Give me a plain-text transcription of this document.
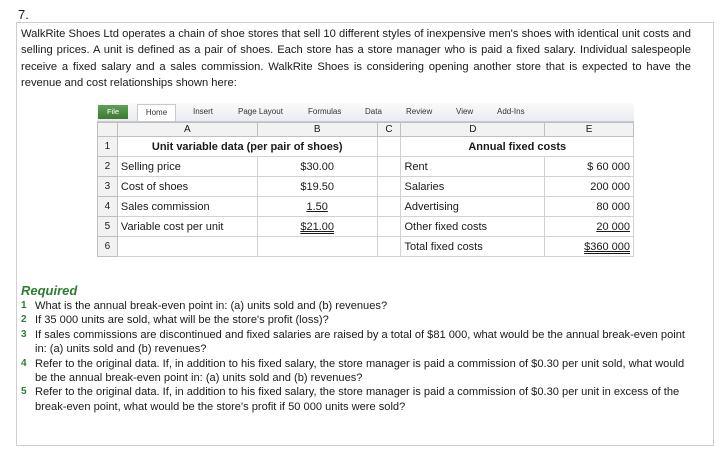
7.
WalkRite Shoes Ltd operates a chain of shoe stores that sell 10 different styles of inexpensive men's shoes with identical unit costs and selling prices. A unit is defined as a pair of shoes. Each store has a store manager who is paid a fixed salary. Individual salespeople receive a fixed salary and a sales commission. WalkRite Shoes is considering opening another store that is expected to have the revenue and cost relationships shown here:
File	Home	Insert	Page Layout	Formulas	Data	Review	View	Add-Ins
	A	B	C	D	E
1	Unit variable data (per pair of shoes)			Annual fixed costs	
2	Selling price	$30.00		Rent	$ 60 000
3	Cost of shoes	$19.50		Salaries	200 000
4	Sales commission	1.50		Advertising	80 000
5	Variable cost per unit	$21.00		Other fixed costs	20 000
6				Total fixed costs	$360 000
Required
1 What is the annual break-even point in: (a) units sold and (b) revenues?
2 If 35 000 units are sold, what will be the store's profit (loss)?
3 If sales commissions are discontinued and fixed salaries are raised by a total of $81 000, what would be the annual break-even point in: (a) units sold and (b) revenues?
4 Refer to the original data. If, in addition to his fixed salary, the store manager is paid a commission of $0.30 per unit sold, what would be the annual break-even point in: (a) units sold and (b) revenues?
5 Refer to the original data. If, in addition to his fixed salary, the store manager is paid a commission of $0.30 per unit in excess of the break-even point, what would be the store's profit if 50 000 units were sold?
